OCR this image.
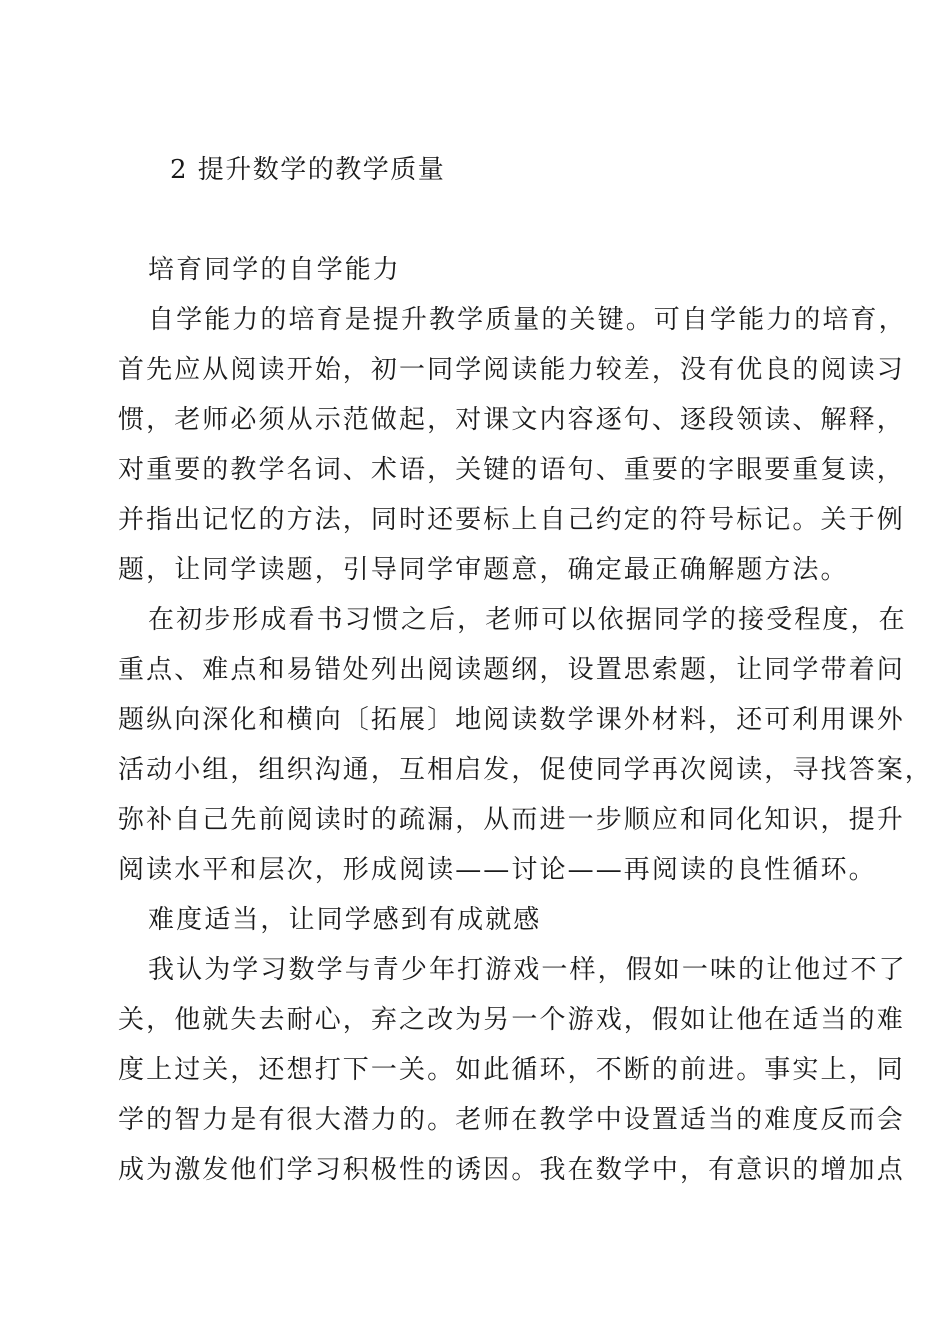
2 提升数学的教学质量
培育同学的自学能力
自学能力的培育是提升教学质量的关键。可自学能力的培育，
首先应从阅读开始，初一同学阅读能力较差，没有优良的阅读习
惯，老师必须从示范做起，对课文内容逐句、逐段领读、解释，
对重要的教学名词、术语，关键的语句、重要的字眼要重复读，
并指出记忆的方法，同时还要标上自己约定的符号标记。关于例
题，让同学读题，引导同学审题意，确定最正确解题方法。
在初步形成看书习惯之后，老师可以依据同学的接受程度，在
重点、难点和易错处列出阅读题纲，设置思索题，让同学带着问
题纵向深化和横向〔拓展〕地阅读数学课外材料，还可利用课外
活动小组，组织沟通，互相启发，促使同学再次阅读，寻找答案，
弥补自己先前阅读时的疏漏，从而进一步顺应和同化知识，提升
阅读水平和层次，形成阅读——讨论——再阅读的良性循环。
难度适当，让同学感到有成就感
我认为学习数学与青少年打游戏一样，假如一味的让他过不了
关，他就失去耐心，弃之改为另一个游戏，假如让他在适当的难
度上过关，还想打下一关。如此循环，不断的前进。事实上，同
学的智力是有很大潜力的。老师在教学中设置适当的难度反而会
成为激发他们学习积极性的诱因。我在数学中，有意识的增加点
